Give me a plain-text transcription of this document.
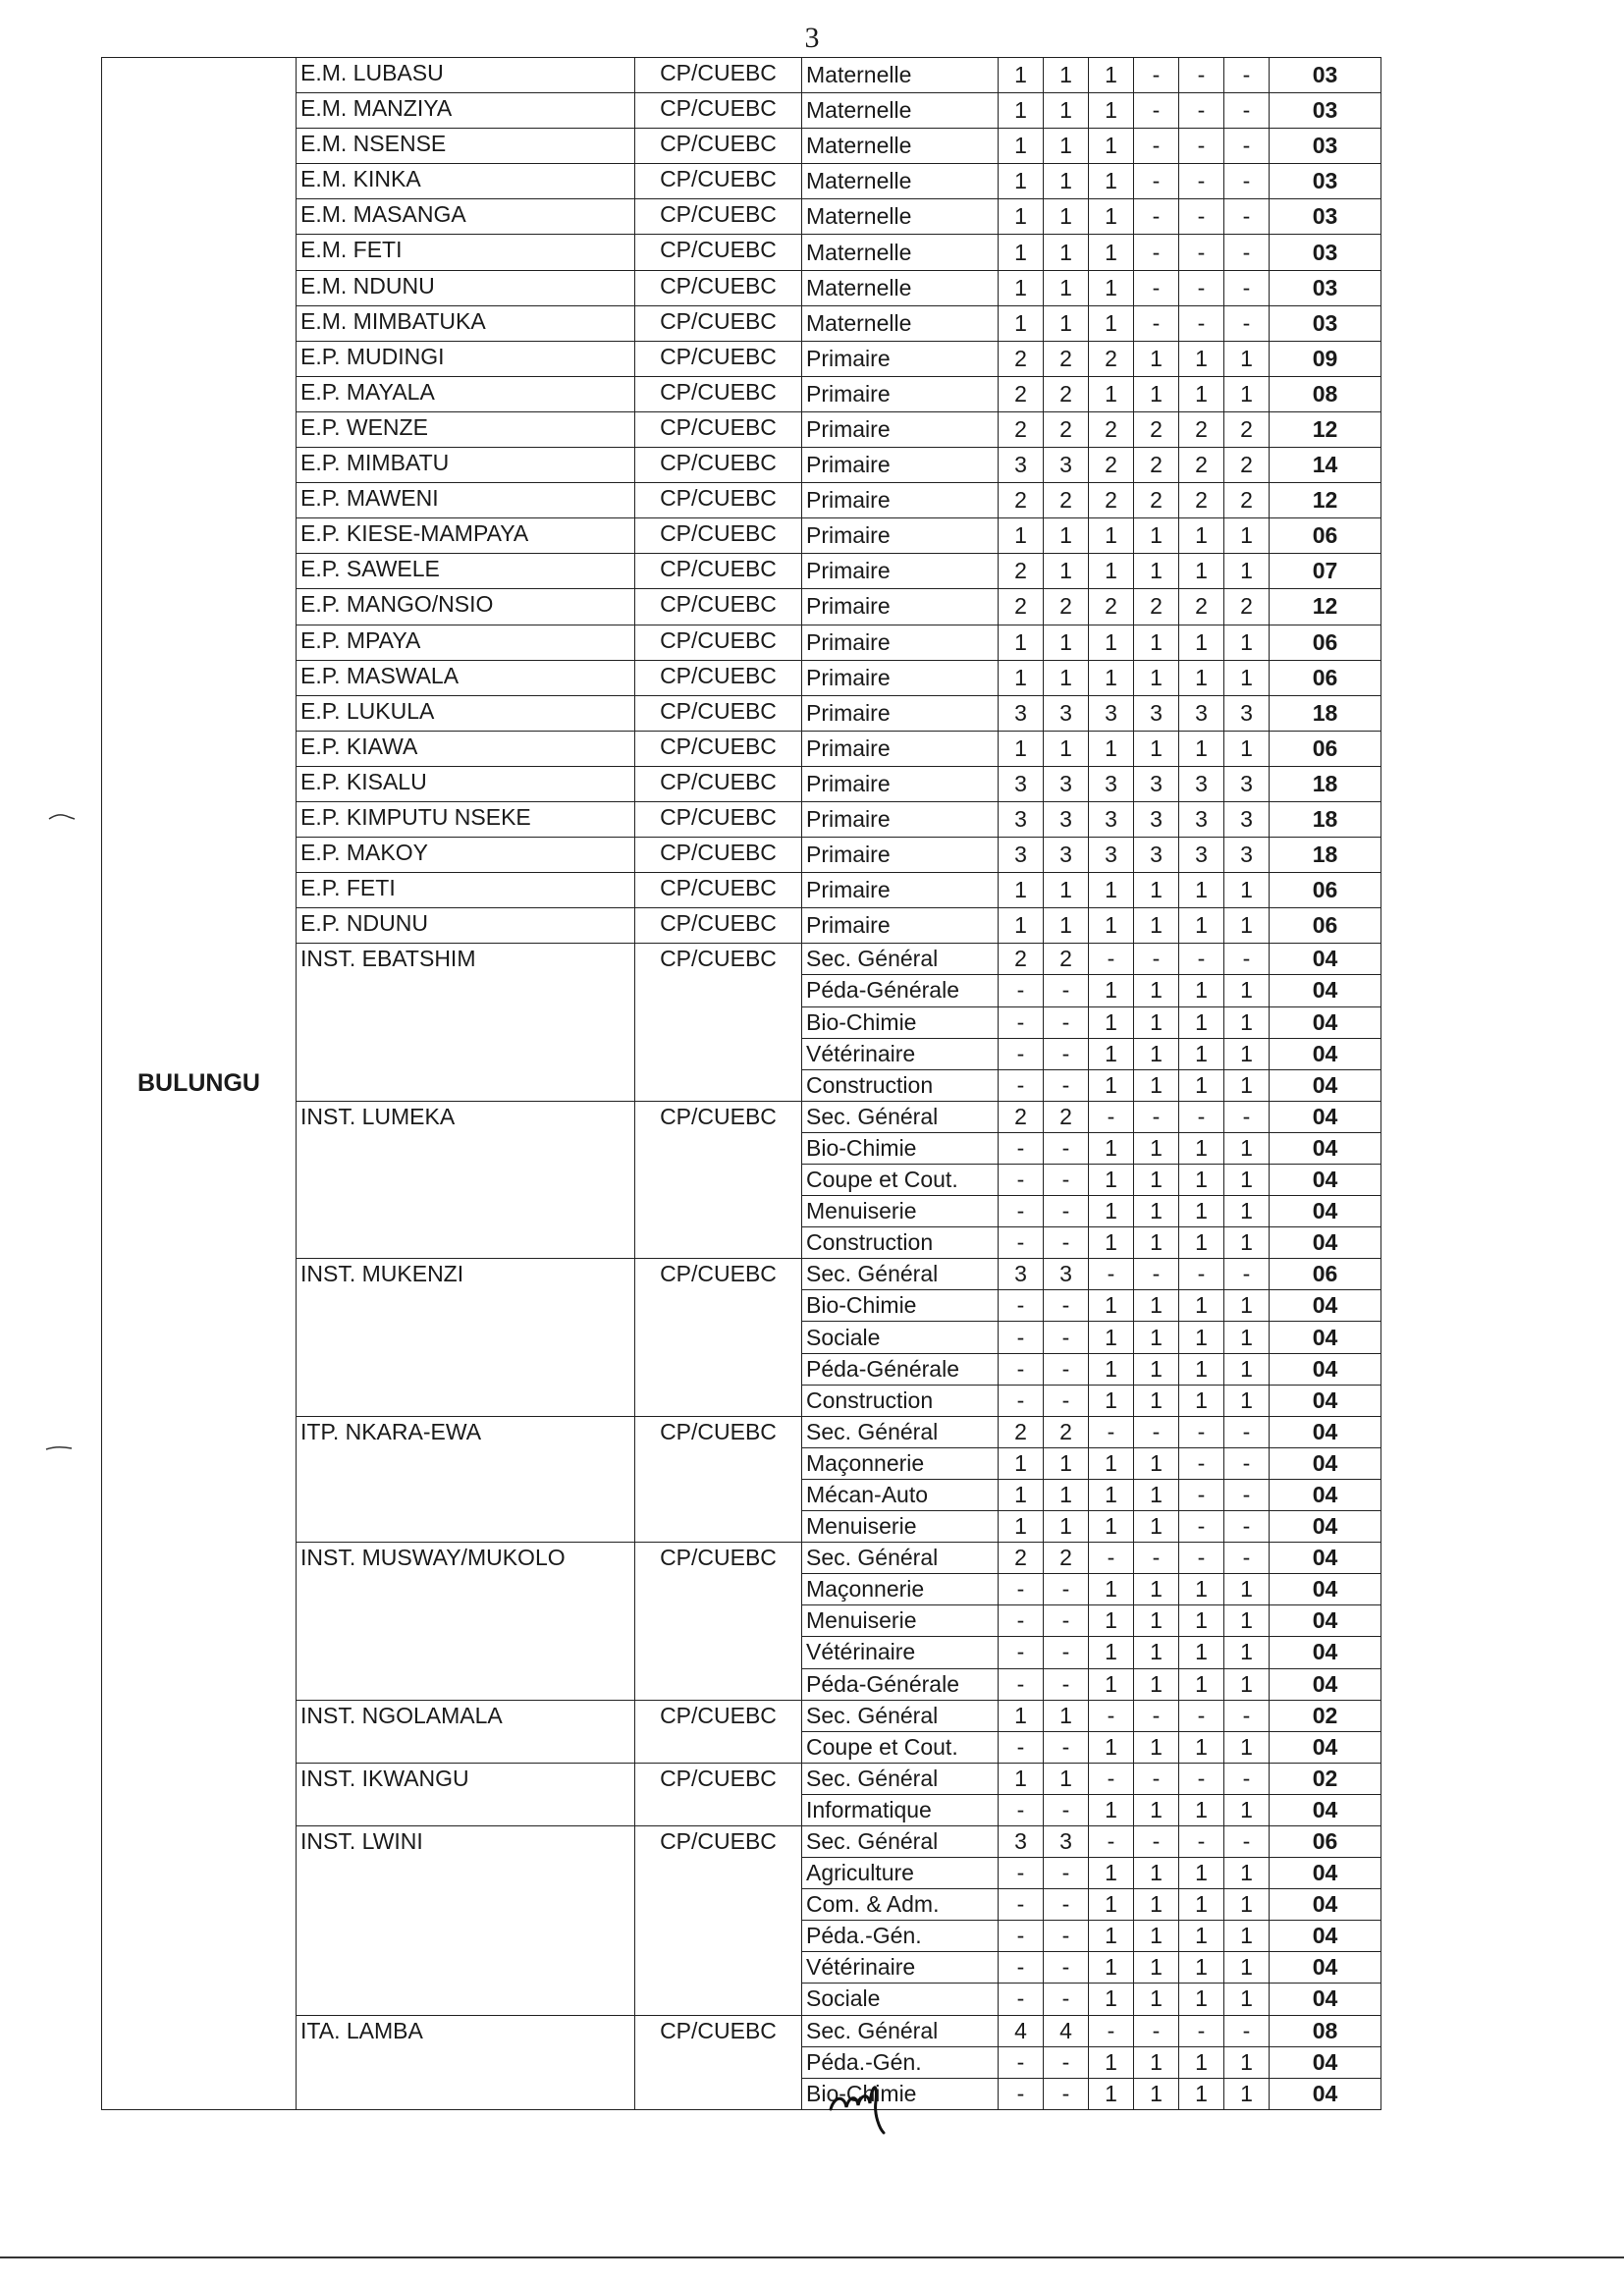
3
BULUNGU	E.M. LUBASU	CP/CUEBC	Maternelle	1	1	1	-	-	-	03
	E.M. MANZIYA	CP/CUEBC	Maternelle	1	1	1	-	-	-	03
	E.M. NSENSE	CP/CUEBC	Maternelle	1	1	1	-	-	-	03
	E.M. KINKA	CP/CUEBC	Maternelle	1	1	1	-	-	-	03
	E.M. MASANGA	CP/CUEBC	Maternelle	1	1	1	-	-	-	03
	E.M. FETI	CP/CUEBC	Maternelle	1	1	1	-	-	-	03
	E.M. NDUNU	CP/CUEBC	Maternelle	1	1	1	-	-	-	03
	E.M. MIMBATUKA	CP/CUEBC	Maternelle	1	1	1	-	-	-	03
	E.P. MUDINGI	CP/CUEBC	Primaire	2	2	2	1	1	1	09
	E.P. MAYALA	CP/CUEBC	Primaire	2	2	1	1	1	1	08
	E.P. WENZE	CP/CUEBC	Primaire	2	2	2	2	2	2	12
	E.P. MIMBATU	CP/CUEBC	Primaire	3	3	2	2	2	2	14
	E.P. MAWENI	CP/CUEBC	Primaire	2	2	2	2	2	2	12
	E.P. KIESE-MAMPAYA	CP/CUEBC	Primaire	1	1	1	1	1	1	06
	E.P. SAWELE	CP/CUEBC	Primaire	2	1	1	1	1	1	07
	E.P. MANGO/NSIO	CP/CUEBC	Primaire	2	2	2	2	2	2	12
	E.P. MPAYA	CP/CUEBC	Primaire	1	1	1	1	1	1	06
	E.P. MASWALA	CP/CUEBC	Primaire	1	1	1	1	1	1	06
	E.P. LUKULA	CP/CUEBC	Primaire	3	3	3	3	3	3	18
	E.P. KIAWA	CP/CUEBC	Primaire	1	1	1	1	1	1	06
	E.P. KISALU	CP/CUEBC	Primaire	3	3	3	3	3	3	18
	E.P. KIMPUTU NSEKE	CP/CUEBC	Primaire	3	3	3	3	3	3	18
	E.P. MAKOY	CP/CUEBC	Primaire	3	3	3	3	3	3	18
	E.P. FETI	CP/CUEBC	Primaire	1	1	1	1	1	1	06
	E.P. NDUNU	CP/CUEBC	Primaire	1	1	1	1	1	1	06
	INST. EBATSHIM	CP/CUEBC	Sec. Général	2	2	-	-	-	-	04
			Péda-Générale	-	-	1	1	1	1	04
			Bio-Chimie	-	-	1	1	1	1	04
			Vétérinaire	-	-	1	1	1	1	04
			Construction	-	-	1	1	1	1	04
	INST. LUMEKA	CP/CUEBC	Sec. Général	2	2	-	-	-	-	04
			Bio-Chimie	-	-	1	1	1	1	04
			Coupe et Cout.	-	-	1	1	1	1	04
			Menuiserie	-	-	1	1	1	1	04
			Construction	-	-	1	1	1	1	04
	INST. MUKENZI	CP/CUEBC	Sec. Général	3	3	-	-	-	-	06
			Bio-Chimie	-	-	1	1	1	1	04
			Sociale	-	-	1	1	1	1	04
			Péda-Générale	-	-	1	1	1	1	04
			Construction	-	-	1	1	1	1	04
	ITP. NKARA-EWA	CP/CUEBC	Sec. Général	2	2	-	-	-	-	04
			Maçonnerie	1	1	1	1	-	-	04
			Mécan-Auto	1	1	1	1	-	-	04
			Menuiserie	1	1	1	1	-	-	04
	INST. MUSWAY/MUKOLO	CP/CUEBC	Sec. Général	2	2	-	-	-	-	04
			Maçonnerie	-	-	1	1	1	1	04
			Menuiserie	-	-	1	1	1	1	04
			Vétérinaire	-	-	1	1	1	1	04
			Péda-Générale	-	-	1	1	1	1	04
	INST. NGOLAMALA	CP/CUEBC	Sec. Général	1	1	-	-	-	-	02
			Coupe et Cout.	-	-	1	1	1	1	04
	INST. IKWANGU	CP/CUEBC	Sec. Général	1	1	-	-	-	-	02
			Informatique	-	-	1	1	1	1	04
	INST. LWINI	CP/CUEBC	Sec. Général	3	3	-	-	-	-	06
			Agriculture	-	-	1	1	1	1	04
			Com. & Adm.	-	-	1	1	1	1	04
			Péda.-Gén.	-	-	1	1	1	1	04
			Vétérinaire	-	-	1	1	1	1	04
			Sociale	-	-	1	1	1	1	04
	ITA. LAMBA	CP/CUEBC	Sec. Général	4	4	-	-	-	-	08
			Péda.-Gén.	-	-	1	1	1	1	04
			Bio-Chimie	-	-	1	1	1	1	04
